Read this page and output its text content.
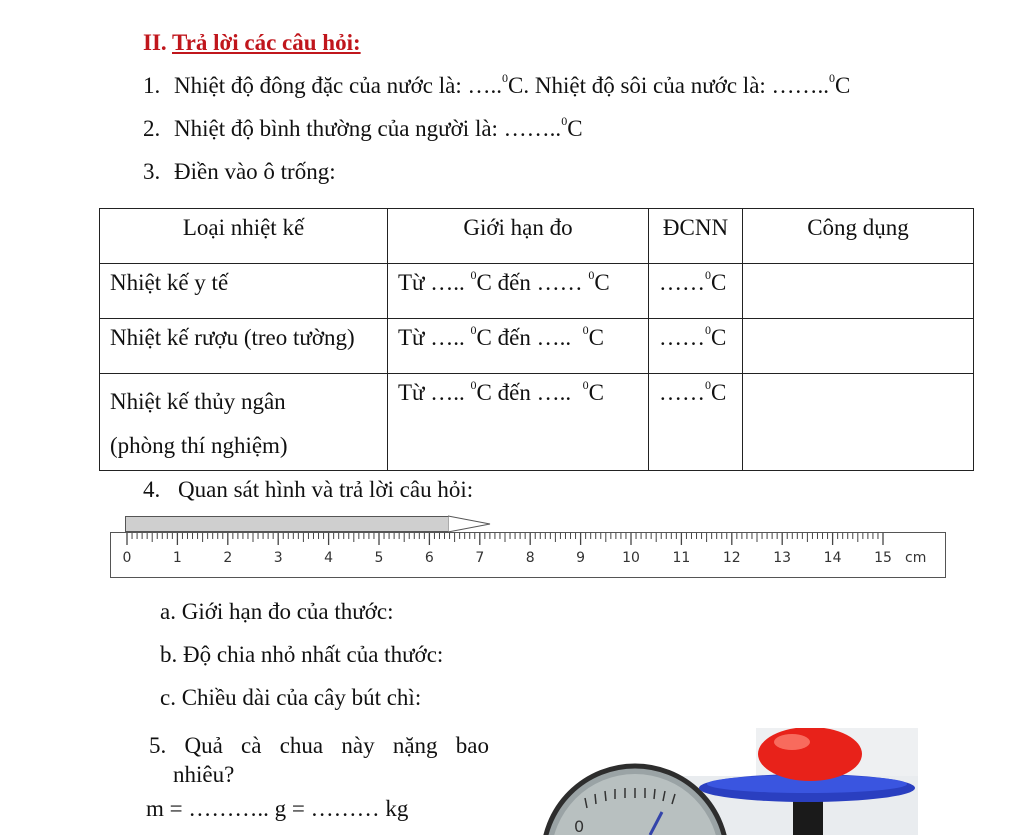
II. Trả lời các câu hỏi:
1. Nhiệt độ đông đặc của nước là: …..$^0$C. Nhiệt độ sôi của nước là: ……..$^0$C
2. Nhiệt độ bình thường của người là: ……..$^0$C
3. Điền vào ô trống:
Loại nhiệt kế	Giới hạn đo	ĐCNN	Công dụng

Nhiệt kế y tế	Từ ….. $^0$C đến …… $^0$C	……$^0$C	

Nhiệt kế rượu (treo tường)	Từ ….. $^0$C đến ….. $^0$C	……$^0$C	

Nhiệt kế thủy ngân
(phòng thí nghiệm)	Từ ….. $^0$C đến ….. $^0$C	……$^0$C	

4. Quan sát hình và trả lời câu hỏi:
0	1	2	3	4	5	6	7	8	9	10 11 12 13 14 15 cm
a. Giới hạn đo của thước:
b. Độ chia nhỏ nhất của thước:
c. Chiều dài của cây bút chì:
5. Quả cà chua này nặng bao
nhiêu?
m = ……….. g = ……… kg
0
